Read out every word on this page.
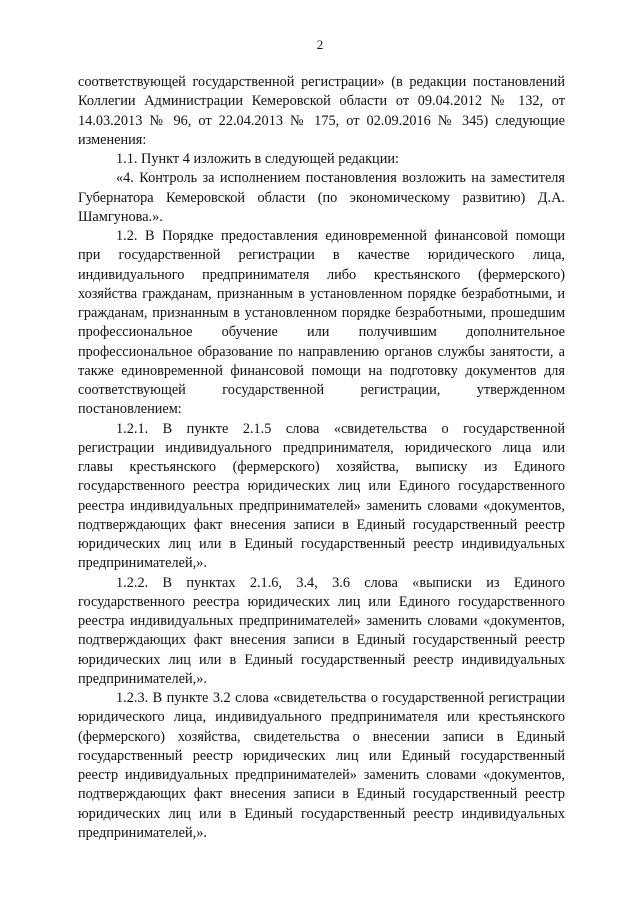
2

соответствующей государственной регистрации» (в редакции постановлений Коллегии Администрации Кемеровской области от 09.04.2012 № 132, от 14.03.2013 № 96, от 22.04.2013 № 175, от 02.09.2016 № 345) следующие изменения:

1.1. Пункт 4 изложить в следующей редакции:

«4. Контроль за исполнением постановления возложить на заместителя Губернатора Кемеровской области (по экономическому развитию) Д.А. Шамгунова.».

1.2. В Порядке предоставления единовременной финансовой помощи при государственной регистрации в качестве юридического лица, индивидуального предпринимателя либо крестьянского (фермерского) хозяйства гражданам, признанным в установленном порядке безработными, и гражданам, признанным в установленном порядке безработными, прошедшим профессиональное обучение или получившим дополнительное профессиональное образование по направлению органов службы занятости, а также единовременной финансовой помощи на подготовку документов для соответствующей государственной регистрации, утвержденном постановлением:

1.2.1. В пункте 2.1.5 слова «свидетельства о государственной регистрации индивидуального предпринимателя, юридического лица или главы крестьянского (фермерского) хозяйства, выписку из Единого государственного реестра юридических лиц или Единого государственного реестра индивидуальных предпринимателей» заменить словами «документов, подтверждающих факт внесения записи в Единый государственный реестр юридических лиц или в Единый государственный реестр индивидуальных предпринимателей,».

1.2.2. В пунктах 2.1.6, 3.4, 3.6 слова «выписки из Единого государственного реестра юридических лиц или Единого государственного реестра индивидуальных предпринимателей» заменить словами «документов, подтверждающих факт внесения записи в Единый государственный реестр юридических лиц или в Единый государственный реестр индивидуальных предпринимателей,».

1.2.3. В пункте 3.2 слова «свидетельства о государственной регистрации юридического лица, индивидуального предпринимателя или крестьянского (фермерского) хозяйства, свидетельства о внесении записи в Единый государственный реестр юридических лиц или Единый государственный реестр индивидуальных предпринимателей» заменить словами «документов, подтверждающих факт внесения записи в Единый государственный реестр юридических лиц или в Единый государственный реестр индивидуальных предпринимателей,».
